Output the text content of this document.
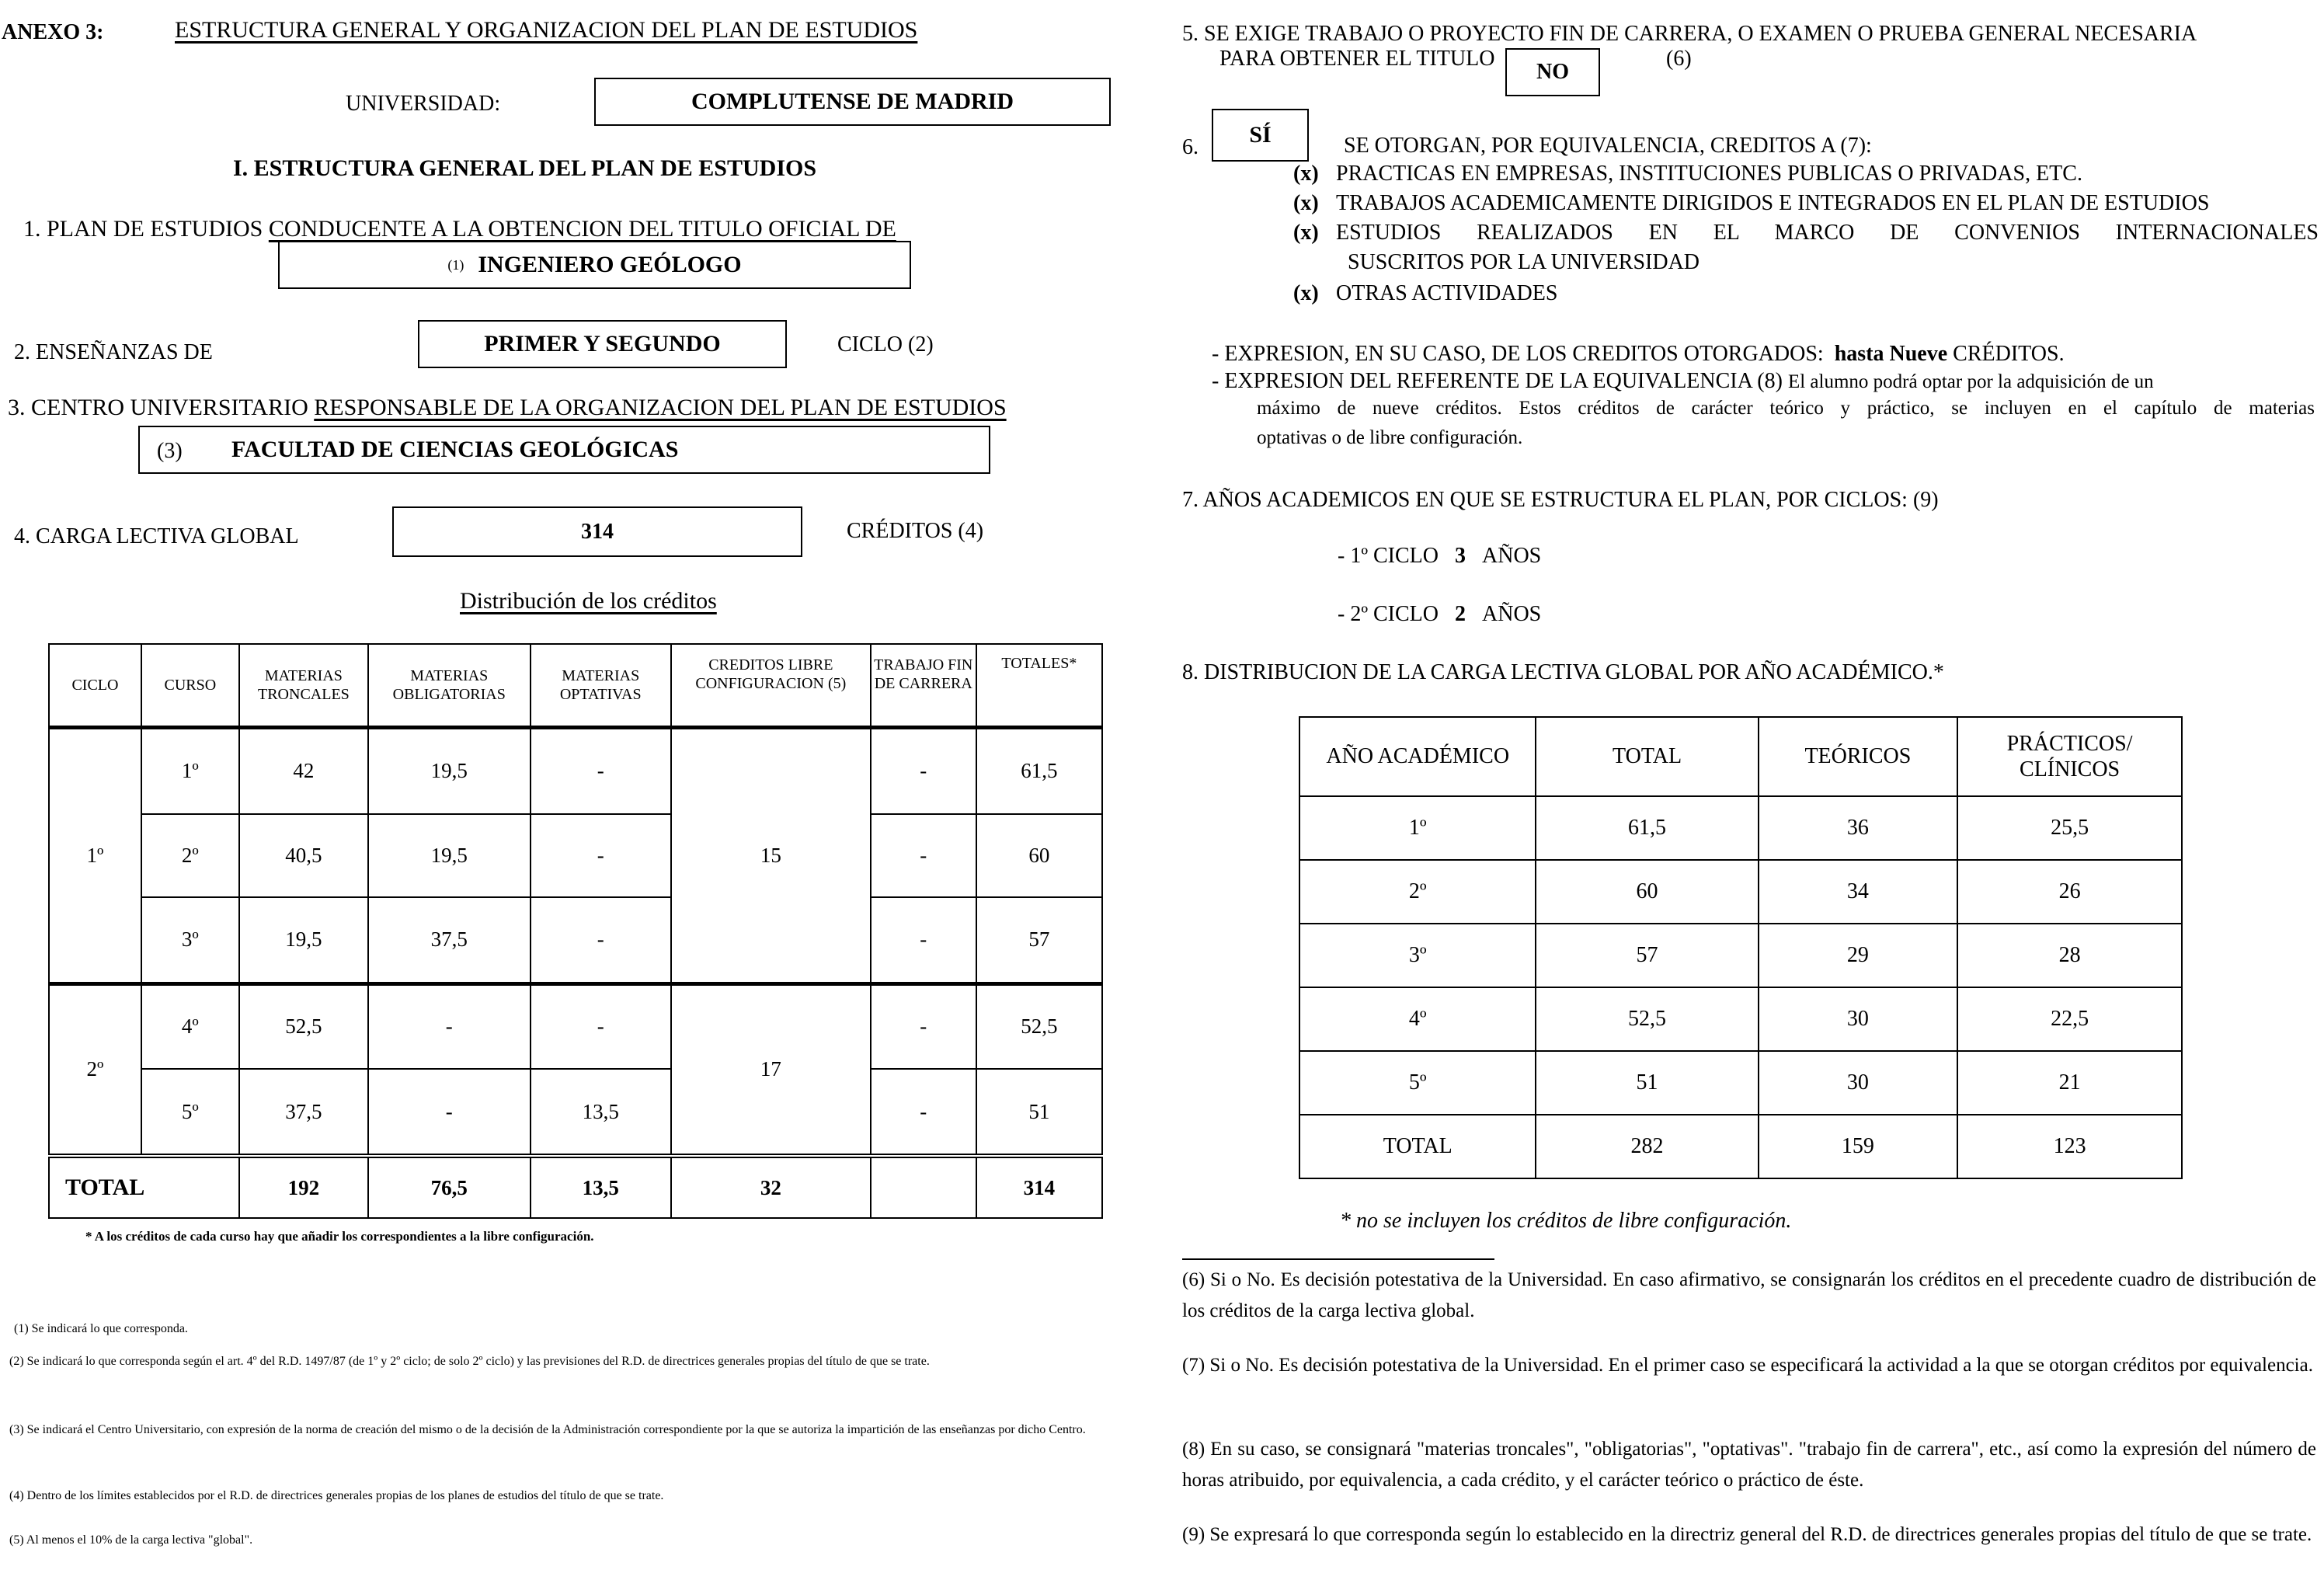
ANEXO 3:	ESTRUCTURA GENERAL Y ORGANIZACION DEL PLAN DE ESTUDIOS
UNIVERSIDAD:	COMPLUTENSE DE MADRID
I. ESTRUCTURA GENERAL DEL PLAN DE ESTUDIOS
1. PLAN DE ESTUDIOS CONDUCENTE A LA OBTENCION DEL TITULO OFICIAL DE
(1) INGENIERO GEÓLOGO
2. ENSEÑANZAS DE	PRIMER Y SEGUNDO	CICLO (2)
3. CENTRO UNIVERSITARIO RESPONSABLE DE LA ORGANIZACION DEL PLAN DE ESTUDIOS
(3) FACULTAD DE CIENCIAS GEOLÓGICAS
4. CARGA LECTIVA GLOBAL	314	CRÉDITOS (4)
Distribución de los créditos
CICLO	CURSO	MATERIAS TRONCALES	MATERIAS OBLIGATORIAS	MATERIAS OPTATIVAS	CREDITOS LIBRE CONFIGURACION (5)	TRABAJO FIN DE CARRERA	TOTALES*
1º	1º	42	19,5	-	15	-	61,5
	2º	40,5	19,5	-		-	60
	3º	19,5	37,5	-		-	57
2º	4º	52,5	-	-	17	-	52,5
	5º	37,5	-	13,5		-	51
TOTAL		192	76,5	13,5	32		314
* A los créditos de cada curso hay que añadir los correspondientes a la libre configuración.
(1) Se indicará lo que corresponda.
(2) Se indicará lo que corresponda según el art. 4º del R.D. 1497/87 (de 1º y 2º ciclo; de solo 2º ciclo) y las previsiones del R.D. de directrices generales propias del título de que se trate.
(3) Se indicará el Centro Universitario, con expresión de la norma de creación del mismo o de la decisión de la Administración correspondiente por la que se autoriza la impartición de las enseñanzas por dicho Centro.
(4) Dentro de los límites establecidos por el R.D. de directrices generales propias de los planes de estudios del título de que se trate.
(5) Al menos el 10% de la carga lectiva "global".
5. SE EXIGE TRABAJO O PROYECTO FIN DE CARRERA, O EXAMEN O PRUEBA GENERAL NECESARIA
PARA OBTENER EL TITULO
NO
(6)
6. SÍ	SE OTORGAN, POR EQUIVALENCIA, CREDITOS A (7):
(x) PRACTICAS EN EMPRESAS, INSTITUCIONES PUBLICAS O PRIVADAS, ETC.
(x) TRABAJOS ACADEMICAMENTE DIRIGIDOS E INTEGRADOS EN EL PLAN DE ESTUDIOS
(x) ESTUDIOS REALIZADOS EN EL MARCO DE CONVENIOS INTERNACIONALES
SUSCRITOS POR LA UNIVERSIDAD
(x) OTRAS ACTIVIDADES
- EXPRESION, EN SU CASO, DE LOS CREDITOS OTORGADOS: hasta Nueve CRÉDITOS.
- EXPRESION DEL REFERENTE DE LA EQUIVALENCIA (8) El alumno podrá optar por la adquisición de un
máximo de nueve créditos. Estos créditos de carácter teórico y práctico, se incluyen en el capítulo de materias
optativas o de libre configuración.
7. AÑOS ACADEMICOS EN QUE SE ESTRUCTURA EL PLAN, POR CICLOS: (9)
- 1º CICLO 3 AÑOS
- 2º CICLO 2 AÑOS
8. DISTRIBUCION DE LA CARGA LECTIVA GLOBAL POR AÑO ACADÉMICO.*
AÑO ACADÉMICO	TOTAL	TEÓRICOS	PRÁCTICOS/ CLÍNICOS
1º	61,5	36	25,5
2º	60	34	26
3º	57	29	28
4º	52,5	30	22,5
5º	51	30	21
TOTAL	282	159	123
* no se incluyen los créditos de libre configuración.
(6) Si o No. Es decisión potestativa de la Universidad. En caso afirmativo, se consignarán los créditos en el precedente cuadro de distribución de los créditos de la carga lectiva global.
(7) Si o No. Es decisión potestativa de la Universidad. En el primer caso se especificará la actividad a la que se otorgan créditos por equivalencia.
(8) En su caso, se consignará "materias troncales", "obligatorias", "optativas". "trabajo fin de carrera", etc., así como la expresión del número de horas atribuido, por equivalencia, a cada crédito, y el carácter teórico o práctico de éste.
(9) Se expresará lo que corresponda según lo establecido en la directriz general del R.D. de directrices generales propias del título de que se trate.
